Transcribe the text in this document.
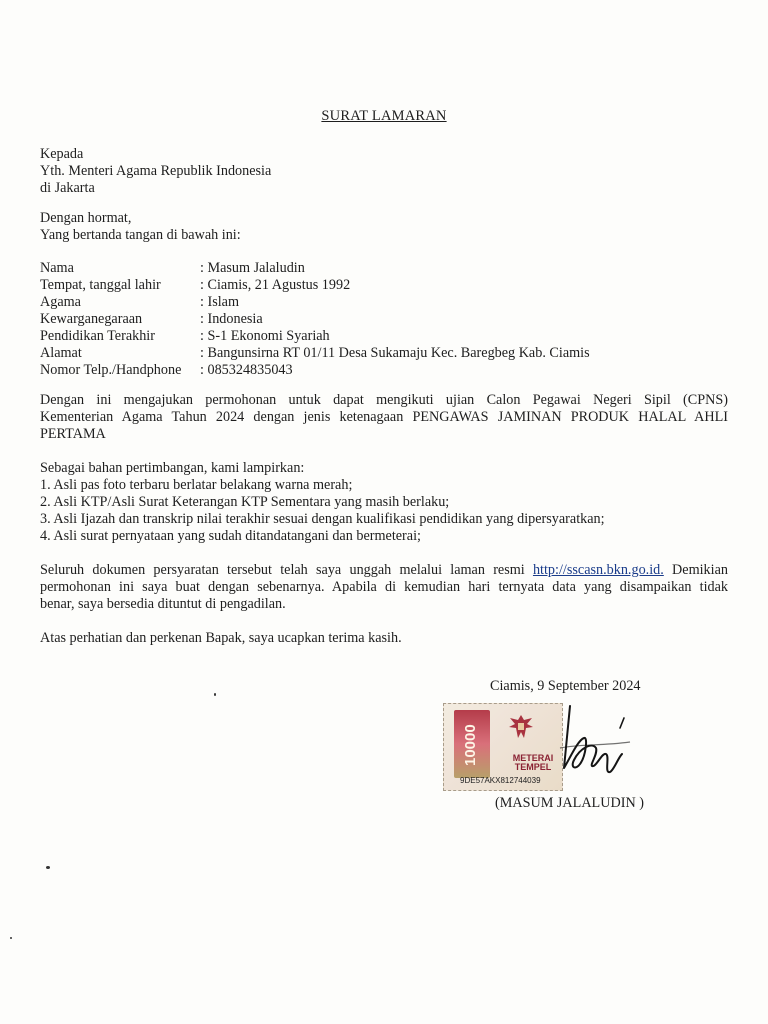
SURAT LAMARAN
Kepada
Yth. Menteri Agama Republik Indonesia
di Jakarta
Dengan hormat,
Yang bertanda tangan di bawah ini:
Nama	: Masum Jalaludin
Tempat, tanggal lahir	: Ciamis, 21 Agustus 1992
Agama	: Islam
Kewarganegaraan	: Indonesia
Pendidikan Terakhir	: S-1 Ekonomi Syariah
Alamat	: Bangunsirna RT 01/11 Desa Sukamaju Kec. Baregbeg Kab. Ciamis
Nomor Telp./Handphone	: 085324835043
Dengan ini mengajukan permohonan untuk dapat mengikuti ujian Calon Pegawai Negeri Sipil (CPNS)
Kementerian Agama Tahun 2024 dengan jenis ketenagaan PENGAWAS JAMINAN PRODUK HALAL AHLI
PERTAMA
Sebagai bahan pertimbangan, kami lampirkan:
1. Asli pas foto terbaru berlatar belakang warna merah;
2. Asli KTP/Asli Surat Keterangan KTP Sementara yang masih berlaku;
3. Asli Ijazah dan transkrip nilai terakhir sesuai dengan kualifikasi pendidikan yang dipersyaratkan;
4. Asli surat pernyataan yang sudah ditandatangani dan bermeterai;
Seluruh dokumen persyaratan tersebut telah saya unggah melalui laman resmi http://sscasn.bkn.go.id. Demikian
permohonan ini saya buat dengan sebenarnya. Apabila di kemudian hari ternyata data yang disampaikan tidak
benar, saya bersedia dituntut di pengadilan.
Atas perhatian dan perkenan Bapak, saya ucapkan terima kasih.
Ciamis, 9 September 2024
10000	METERAI
TEMPEL
9DE57AKX812744039
(MASUM JALALUDIN )
